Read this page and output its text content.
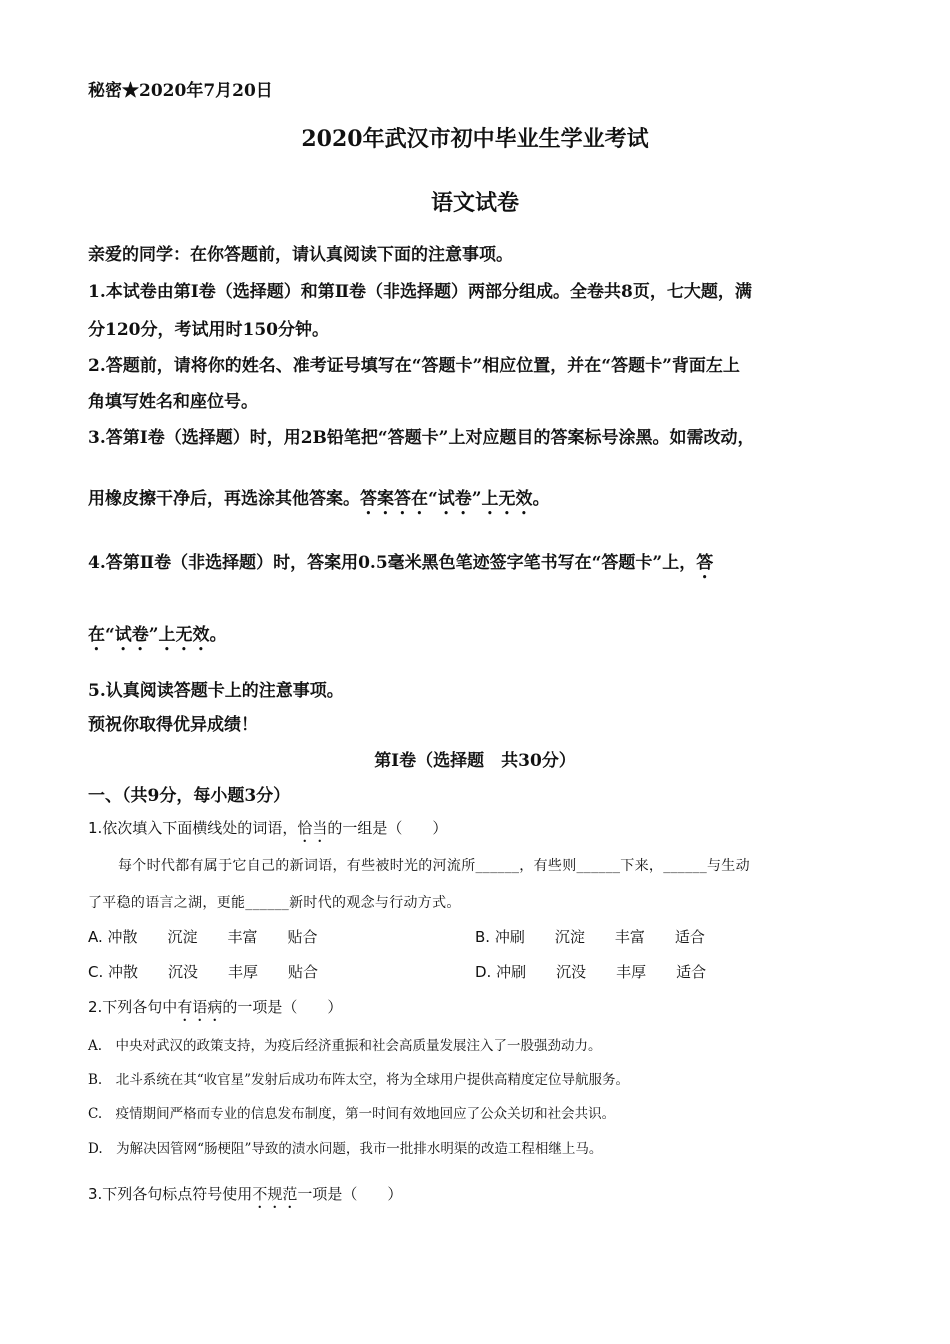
秘密★2020年7月20日
2020年武汉市初中毕业生学业考试
语文试卷
亲爱的同学：在你答题前，请认真阅读下面的注意事项。
1.本试卷由第Ⅰ卷（选择题）和第Ⅱ卷（非选择题）两部分组成。全卷共8页，七大题，满
分120分，考试用时150分钟。
2.答题前，请将你的姓名、准考证号填写在“答题卡”相应位置，并在“答题卡”背面左上
角填写姓名和座位号。
3.答第Ⅰ卷（选择题）时，用2B铅笔把“答题卡”上对应题目的答案标号涂黑。如需改动，
用橡皮擦干净后，再选涂其他答案。答案答在“试卷”上无效。
4.答第Ⅱ卷（非选择题）时，答案用0.5毫米黑色笔迹签字笔书写在“答题卡”上，答
在“试卷”上无效。
5.认真阅读答题卡上的注意事项。
预祝你取得优异成绩！
第Ⅰ卷（选择题　共30分）
一、（共9分，每小题3分）
1.依次填入下面横线处的词语，恰当的一组是（　　）
每个时代都有属于它自己的新词语，有些被时光的河流所______，有些则______下来，______与生动
了平稳的语言之湖，更能______新时代的观念与行动方式。
A. 冲散　　沉淀　　丰富　　贴合	B. 冲刷　　沉淀　　丰富　　适合
C. 冲散　　沉没　　丰厚　　贴合	D. 冲刷　　沉没　　丰厚　　适合
2.下列各句中有语病的一项是（　　）
A.　中央对武汉的政策支持，为疫后经济重振和社会高质量发展注入了一股强劲动力。
B.　北斗系统在其“收官星”发射后成功布阵太空，将为全球用户提供高精度定位导航服务。
C.　疫情期间严格而专业的信息发布制度，第一时间有效地回应了公众关切和社会共识。
D.　为解决因管网“肠梗阻”导致的渍水问题，我市一批排水明渠的改造工程相继上马。
3.下列各句标点符号使用不规范一项是（　　）
